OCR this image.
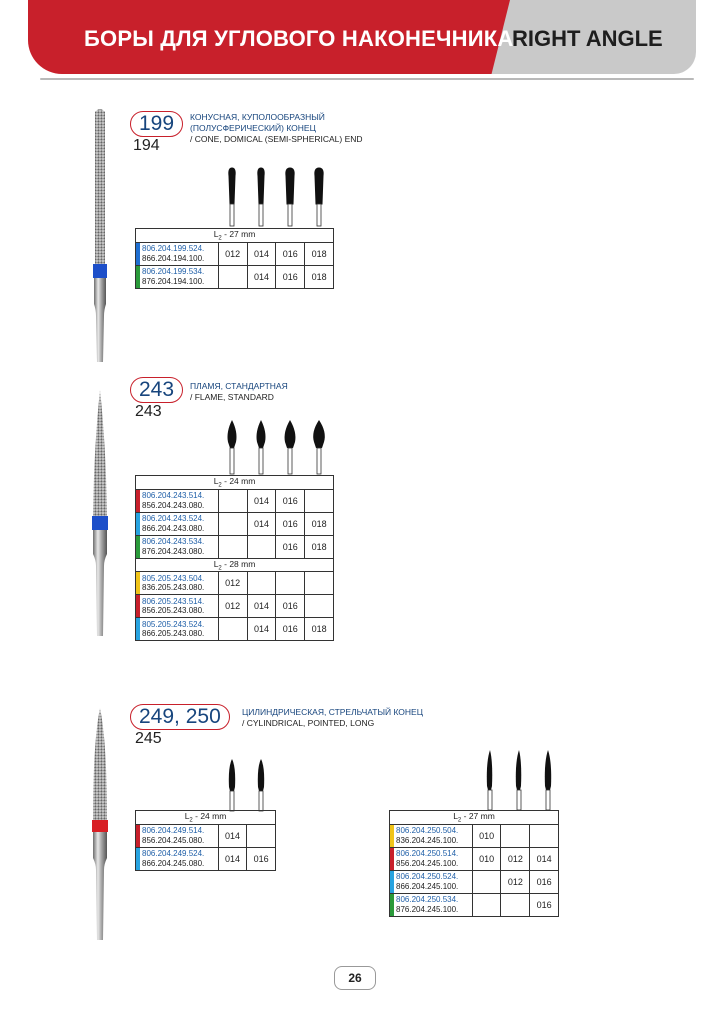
БОРЫ ДЛЯ УГЛОВОГО НАКОНЕЧНИКА
RIGHT ANGLE
199
194
КОНУСНАЯ, КУПОЛООБРАЗНЫЙ
(ПОЛУСФЕРИЧЕСКИЙ) КОНЕЦ
/ CONE, DOMICAL (SEMI-SPHERICAL) END
$L_2 - 27$ mm				

806.204.199.524.
866.204.194.100.	012	014	016	018

806.204.199.534.
876.204.194.100.		014	016	018
243
243
ПЛАМЯ, СТАНДАРТНАЯ
/ FLAME, STANDARD
$L_2 - 24$ mm				

806.204.243.514.
856.204.243.080.		014	016	

806.204.243.524.
866.204.243.080.		014	016	018

806.204.243.534.
876.204.243.080.			016	018
$L_2 - 28$ mm				

805.205.243.504.
836.205.243.080.	012			

806.205.243.514.
856.205.243.080.	012	014	016	

805.205.243.524.
866.205.243.080.		014	016	018
249, 250
245
ЦИЛИНДРИЧЕСКАЯ, СТРЕЛЬЧАТЫЙ КОНЕЦ
/ CYLINDRICAL, POINTED, LONG
$L_2 - 24$ mm		

806.204.249.514.
856.204.245.080.	014	

806.204.249.524.
866.204.245.080.	014	016
$L_2 - 27$ mm			

806.204.250.504.
836.204.245.100.	010		

806.204.250.514.
856.204.245.100.	010	012	014

806.204.250.524.
866.204.245.100.		012	016

806.204.250.534.
876.204.245.100.			016
26
